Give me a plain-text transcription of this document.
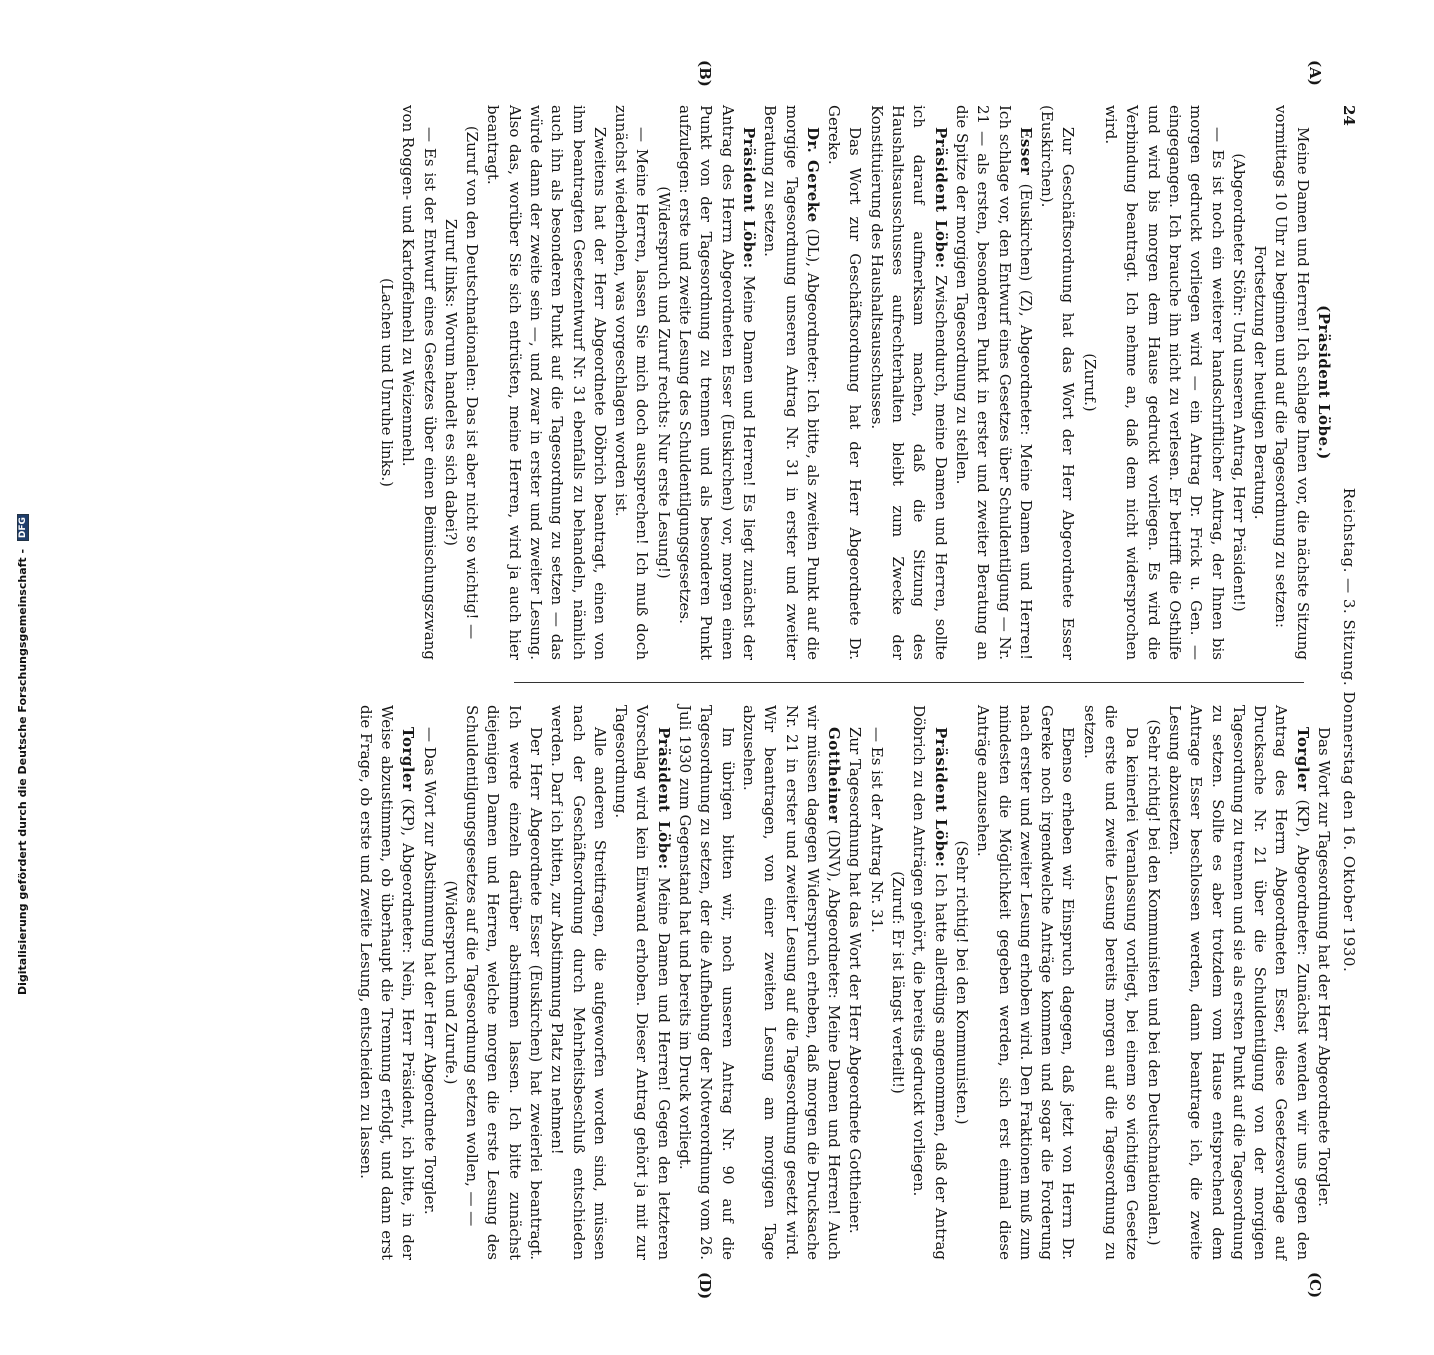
24
Reichstag. — 3. Sitzung. Donnerstag den 16. Oktober 1930.
(A)
(B)
(C)
(D)

(Präsident Löbe.)

Meine Damen und Herren! Ich schlage Ihnen vor, die nächste Sitzung vormittags 10 Uhr zu beginnen und auf die Tagesordnung zu setzen:

Fortsetzung der heutigen Beratung.

(Abgeordneter Stöhr: Und unseren Antrag, Herr Präsident!)

— Es ist noch ein weiterer handschriftlicher Antrag, der Ihnen bis morgen gedruckt vorliegen wird — ein Antrag Dr. Frick u. Gen. — eingegangen. Ich brauche ihn nicht zu verlesen. Er betrifft die Osthilfe und wird bis morgen dem Hause gedruckt vorliegen. Es wird die Verbindung beantragt. Ich nehme an, daß dem nicht widersprochen wird.

(Zuruf.)

Zur Geschäftsordnung hat das Wort der Herr Abgeordnete Esser (Euskirchen).

Esser (Euskirchen) (Z), Abgeordneter: Meine Damen und Herren! Ich schlage vor, den Entwurf eines Gesetzes über Schuldentilgung — Nr. 21 — als ersten, besonderen Punkt in erster und zweiter Beratung an die Spitze der morgigen Tagesordnung zu stellen.

Präsident Löbe: Zwischendurch, meine Damen und Herren, sollte ich darauf aufmerksam machen, daß die Sitzung des Haushaltsausschusses aufrechterhalten bleibt zum Zwecke der Konstituierung des Haushaltsausschusses.

Das Wort zur Geschäftsordnung hat der Herr Abgeordnete Dr. Gereke.

Dr. Gereke (DL), Abgeordneter: Ich bitte, als zweiten Punkt auf die morgige Tagesordnung unseren Antrag Nr. 31 in erster und zweiter Beratung zu setzen.

Präsident Löbe: Meine Damen und Herren! Es liegt zunächst der Antrag des Herrn Abgeordneten Esser (Euskirchen) vor, morgen einen Punkt von der Tagesordnung zu trennen und als besonderen Punkt aufzulegen: erste und zweite Lesung des Schuldentilgungsgesetzes.

(Widerspruch und Zuruf rechts: Nur erste Lesung!)

— Meine Herren, lassen Sie mich doch aussprechen! Ich muß doch zunächst wiederholen, was vorgeschlagen worden ist.

Zweitens hat der Herr Abgeordnete Döbrich beantragt, einen von ihm beantragten Gesetzentwurf Nr. 31 ebenfalls zu behandeln, nämlich auch ihn als besonderen Punkt auf die Tagesordnung zu setzen — das würde dann der zweite sein —, und zwar in erster und zweiter Lesung. Also das, worüber Sie sich entrüsten, meine Herren, wird ja auch hier beantragt.

(Zuruf von den Deutschnationalen: Das ist aber nicht so wichtig! — Zuruf links: Worum handelt es sich dabei?)

— Es ist der Entwurf eines Gesetzes über einen Beimischungszwang von Roggen- und Kartoffelmehl zu Weizenmehl.

(Lachen und Unruhe links.)

Das Wort zur Tagesordnung hat der Herr Abgeordnete Torgler.

Torgler (KP), Abgeordneter: Zunächst wenden wir uns gegen den Antrag des Herrn Abgeordneten Esser, diese Gesetzesvorlage auf Drucksache Nr. 21 über die Schuldentilgung von der morgigen Tagesordnung zu trennen und sie als ersten Punkt auf die Tagesordnung zu setzen. Sollte es aber trotzdem vom Hause entsprechend dem Antrage Esser beschlossen werden, dann beantrage ich, die zweite Lesung abzusetzen.

(Sehr richtig! bei den Kommunisten und bei den Deutschnationalen.)

Da keinerlei Veranlassung vorliegt, bei einem so wichtigen Gesetze die erste und zweite Lesung bereits morgen auf die Tagesordnung zu setzen.

Ebenso erheben wir Einspruch dagegen, daß jetzt von Herrn Dr. Gereke noch irgendwelche Anträge kommen und sogar die Forderung nach erster und zweiter Lesung erhoben wird. Den Fraktionen muß zum mindesten die Möglichkeit gegeben werden, sich erst einmal diese Anträge anzusehen.

(Sehr richtig! bei den Kommunisten.)

Präsident Löbe: Ich hatte allerdings angenommen, daß der Antrag Döbrich zu den Anträgen gehört, die bereits gedruckt vorliegen.

(Zuruf: Er ist längst verteilt!)

— Es ist der Antrag Nr. 31.

Zur Tagesordnung hat das Wort der Herr Abgeordnete Gottheiner.

Gottheiner (DNV), Abgeordneter: Meine Damen und Herren! Auch wir müssen dagegen Widerspruch erheben, daß morgen die Drucksache Nr. 21 in erster und zweiter Lesung auf die Tagesordnung gesetzt wird. Wir beantragen, von einer zweiten Lesung am morgigen Tage abzusehen.

Im übrigen bitten wir, noch unseren Antrag Nr. 90 auf die Tagesordnung zu setzen, der die Aufhebung der Notverordnung vom 26. Juli 1930 zum Gegenstand hat und bereits im Druck vorliegt.

Präsident Löbe: Meine Damen und Herren! Gegen den letzteren Vorschlag wird kein Einwand erhoben. Dieser Antrag gehört ja mit zur Tagesordnung.

Alle anderen Streitfragen, die aufgeworfen worden sind, müssen nach der Geschäftsordnung durch Mehrheitsbeschluß entschieden werden. Darf ich bitten, zur Abstimmung Platz zu nehmen!

Der Herr Abgeordnete Esser (Euskirchen) hat zweierlei beantragt. Ich werde einzeln darüber abstimmen lassen. Ich bitte zunächst diejenigen Damen und Herren, welche morgen die erste Lesung des Schuldentilgungsgesetzes auf die Tagesordnung setzen wollen, — —

(Widerspruch und Zurufe.)

— Das Wort zur Abstimmung hat der Herr Abgeordnete Torgler.

Torgler (KP), Abgeordneter: Nein, Herr Präsident, ich bitte, in der Weise abzustimmen, ob überhaupt die Trennung erfolgt, und dann erst die Frage, ob erste und zweite Lesung, entscheiden zu lassen.

Digitalisierung gefördert durch die Deutsche Forschungsgemeinschaft - DFG
